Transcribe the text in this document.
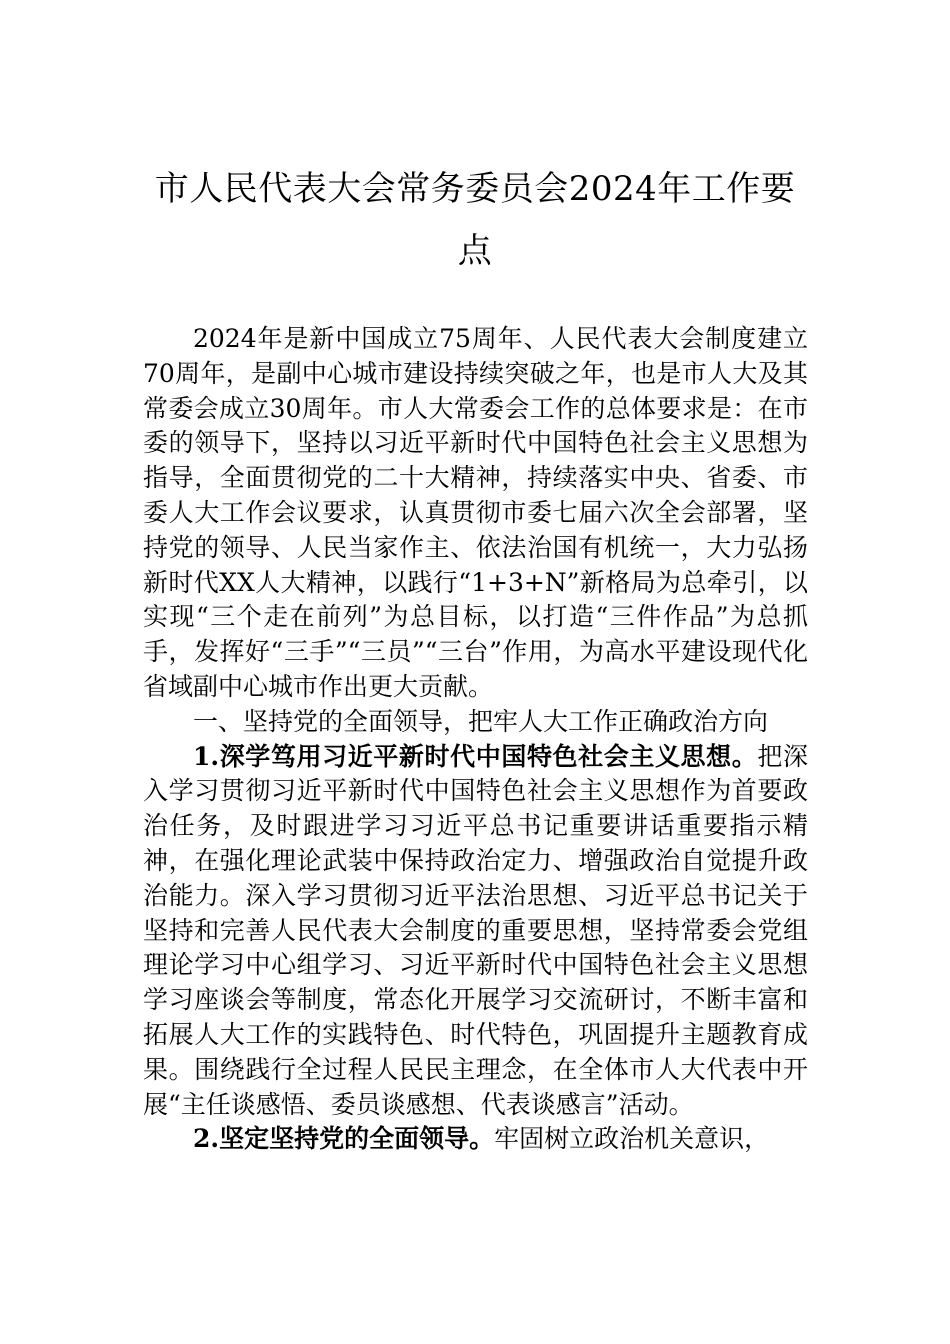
市人民代表大会常务委员会2024年工作要点

2024年是新中国成立75周年、人民代表大会制度建立70周年，是副中心城市建设持续突破之年，也是市人大及其常委会成立30周年。市人大常委会工作的总体要求是：在市委的领导下，坚持以习近平新时代中国特色社会主义思想为指导，全面贯彻党的二十大精神，持续落实中央、省委、市委人大工作会议要求，认真贯彻市委七届六次全会部署，坚持党的领导、人民当家作主、依法治国有机统一，大力弘扬新时代XX人大精神，以践行“1+3+N”新格局为总牵引，以实现“三个走在前列”为总目标，以打造“三件作品”为总抓手，发挥好“三手”“三员”“三台”作用，为高水平建设现代化省域副中心城市作出更大贡献。

一、坚持党的全面领导，把牢人大工作正确政治方向

1.深学笃用习近平新时代中国特色社会主义思想。把深入学习贯彻习近平新时代中国特色社会主义思想作为首要政治任务，及时跟进学习习近平总书记重要讲话重要指示精神，在强化理论武装中保持政治定力、增强政治自觉提升政治能力。深入学习贯彻习近平法治思想、习近平总书记关于坚持和完善人民代表大会制度的重要思想，坚持常委会党组理论学习中心组学习、习近平新时代中国特色社会主义思想学习座谈会等制度，常态化开展学习交流研讨，不断丰富和拓展人大工作的实践特色、时代特色，巩固提升主题教育成果。围绕践行全过程人民民主理念，在全体市人大代表中开展“主任谈感悟、委员谈感想、代表谈感言”活动。

2.坚定坚持党的全面领导。牢固树立政治机关意识，
